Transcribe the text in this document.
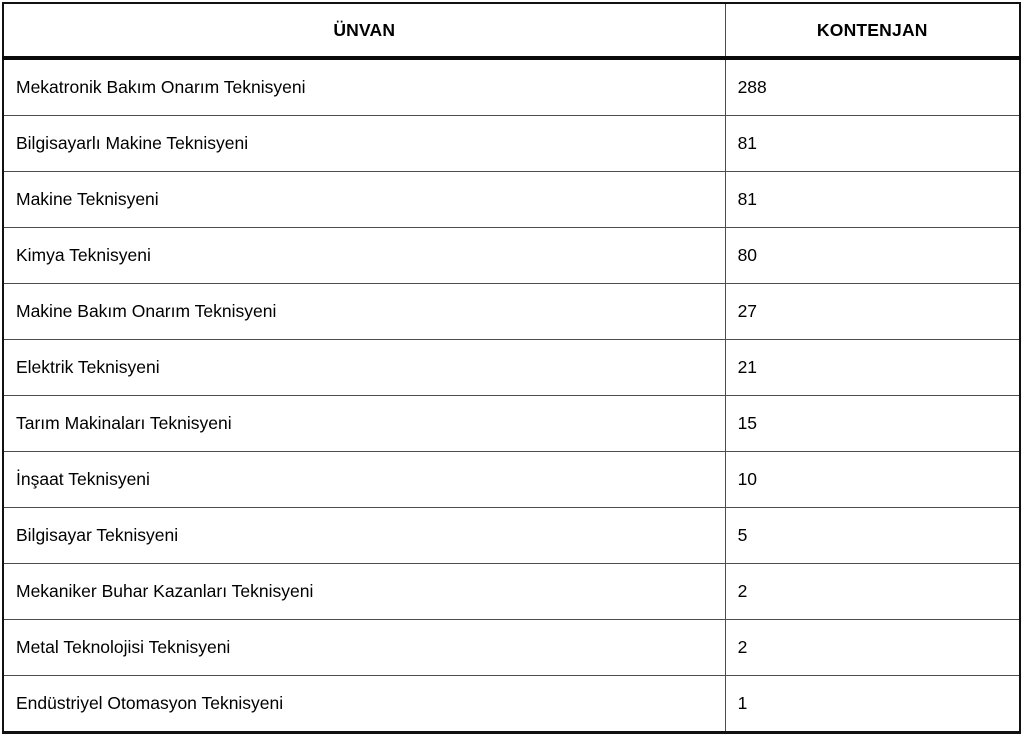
ÜNVAN	KONTENJAN
Mekatronik Bakım Onarım Teknisyeni	288
Bilgisayarlı Makine Teknisyeni	81
Makine Teknisyeni	81
Kimya Teknisyeni	80
Makine Bakım Onarım Teknisyeni	27
Elektrik Teknisyeni	21
Tarım Makinaları Teknisyeni	15
İnşaat Teknisyeni	10
Bilgisayar Teknisyeni	5
Mekaniker Buhar Kazanları Teknisyeni	2
Metal Teknolojisi Teknisyeni	2
Endüstriyel Otomasyon Teknisyeni	1
